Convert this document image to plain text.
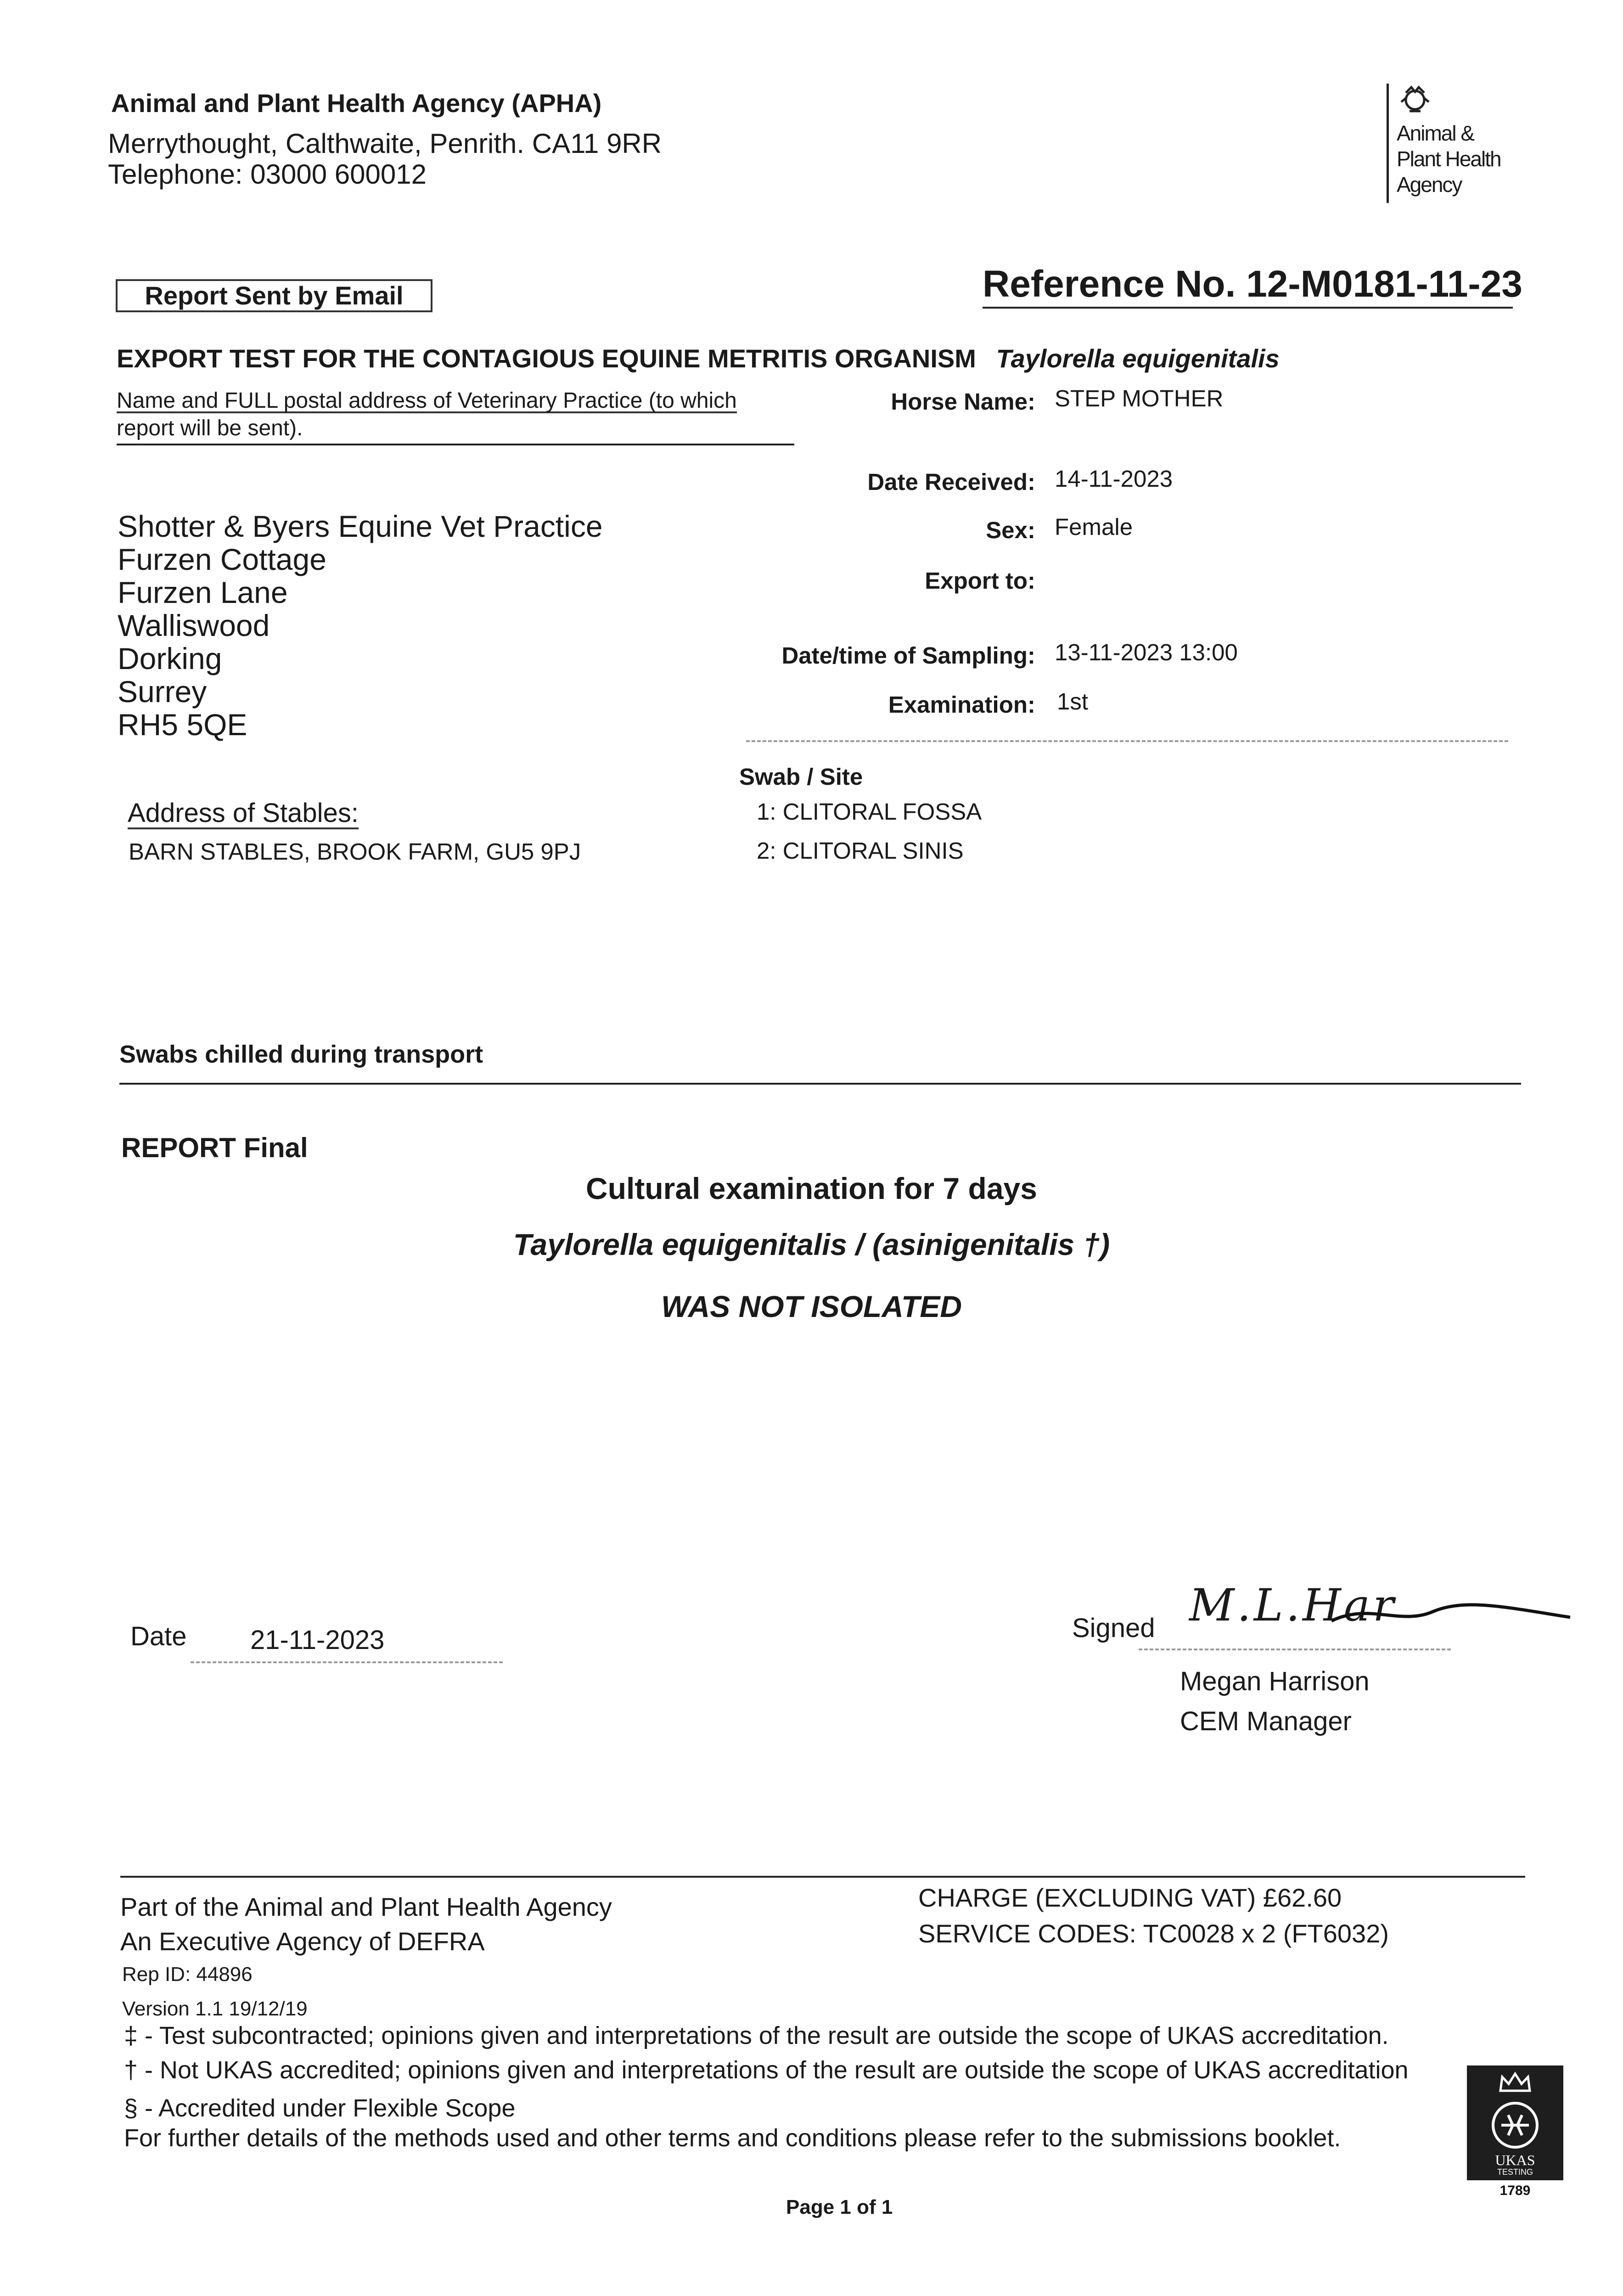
Animal and Plant Health Agency (APHA)
Merrythought, Calthwaite, Penrith. CA11 9RR
Telephone: 03000 600012
Animal &
Plant Health
Agency
Report Sent by Email	Reference No. 12-M0181-11-23
EXPORT TEST FOR THE CONTAGIOUS EQUINE METRITIS ORGANISM Taylorella equigenitalis
Name and FULL postal address of Veterinary Practice (to which
report will be sent).
Shotter & Byers Equine Vet Practice
Furzen Cottage
Furzen Lane
Walliswood
Dorking
Surrey
RH5 5QE
Horse Name: STEP MOTHER
Date Received: 14-11-2023
Sex: Female
Export to:
Date/time of Sampling: 13-11-2023 13:00
Examination: 1st
Swab / Site
1: CLITORAL FOSSA
2: CLITORAL SINIS
Address of Stables:
BARN STABLES, BROOK FARM, GU5 9PJ
Swabs chilled during transport
REPORT Final
Cultural examination for 7 days
Taylorella equigenitalis / (asinigenitalis †)
WAS NOT ISOLATED
Date 21-11-2023	Signed M.L.Har
Megan Harrison
CEM Manager
Part of the Animal and Plant Health Agency
An Executive Agency of DEFRA
Rep ID: 44896
Version 1.1 19/12/19
CHARGE (EXCLUDING VAT) £62.60
SERVICE CODES: TC0028 x 2 (FT6032)
‡ - Test subcontracted; opinions given and interpretations of the result are outside the scope of UKAS accreditation.
† - Not UKAS accredited; opinions given and interpretations of the result are outside the scope of UKAS accreditation
§ - Accredited under Flexible Scope
For further details of the methods used and other terms and conditions please refer to the submissions booklet.
Page 1 of 1
UKAS
TESTING
1789
